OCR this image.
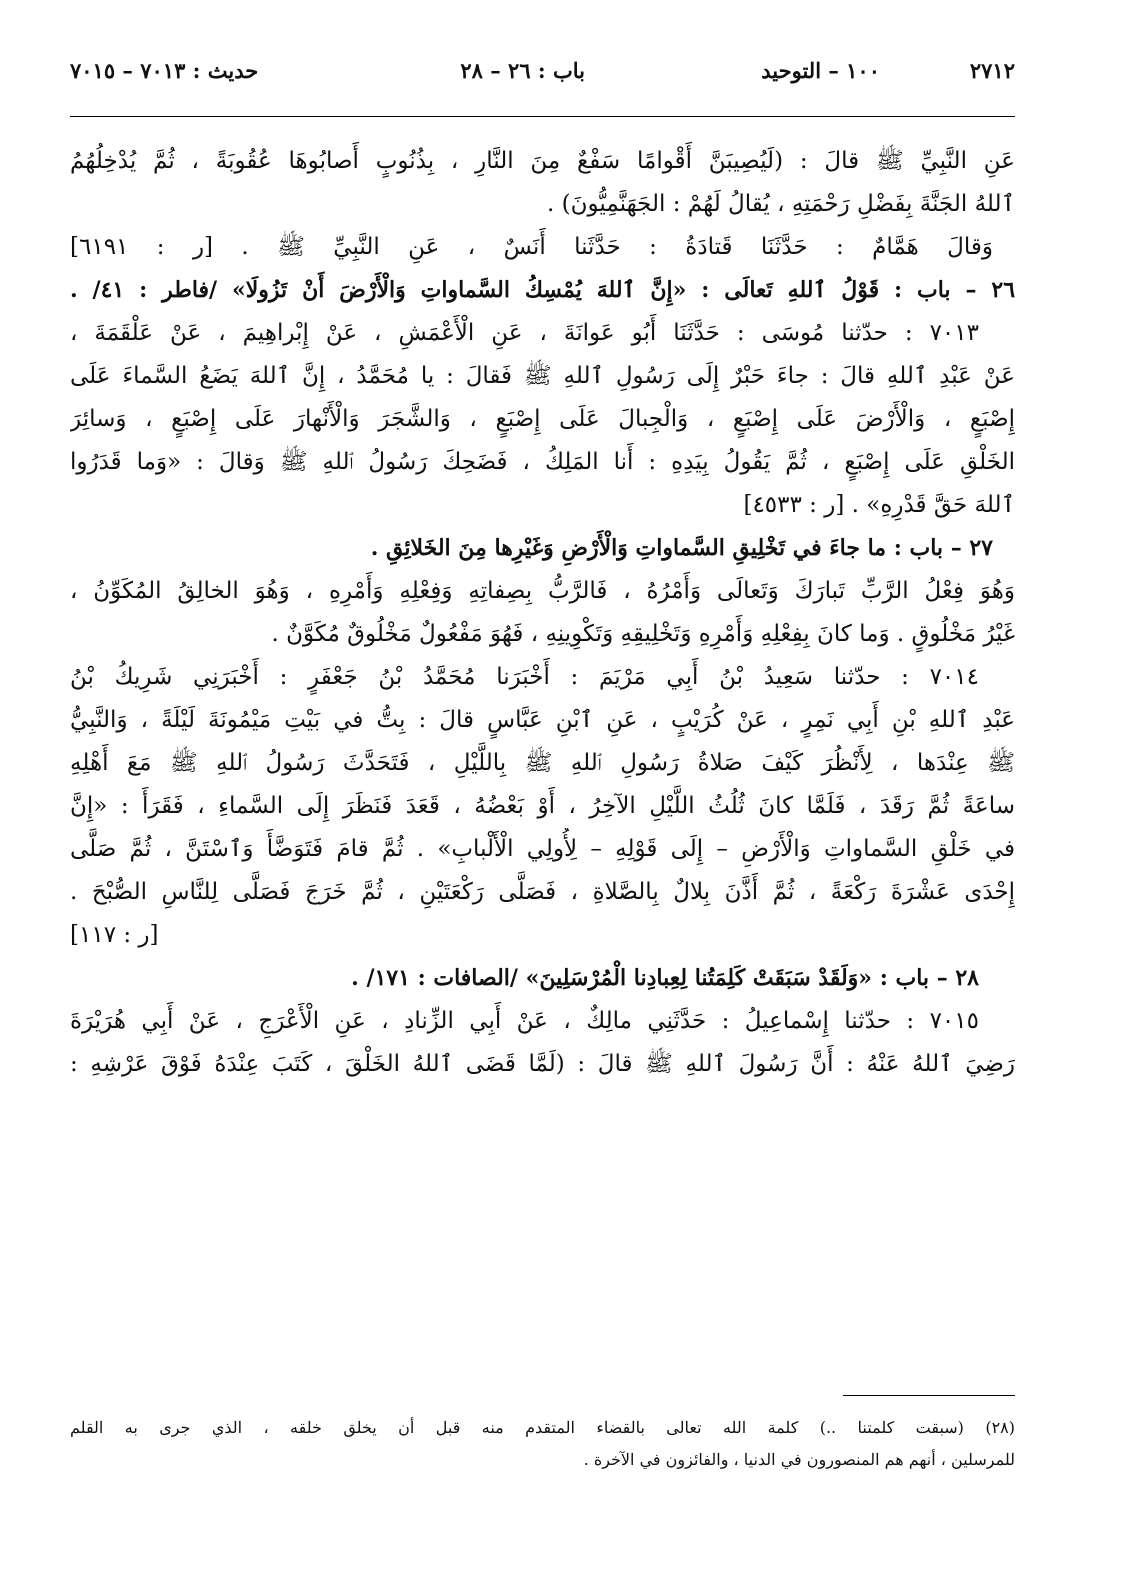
٢٧١٢
١٠٠ – التوحيد
باب : ٢٦ – ٢٨
حديث : ٧٠١٣ – ٧٠١٥
عَنِ النَّبِيِّ ﷺ قالَ : (لَيُصِيبَنَّ أَقْوامًا سَفْعٌ مِنَ النَّارِ ، بِذُنُوبٍ أَصابُوهَا عُقُوبَةً ، ثُمَّ يُدْخِلُهُمُ
ٱللهُ الجَنَّةَ بِفَضْلِ رَحْمَتِهِ ، يُقالُ لَهُمْ : الجَهَنَّمِيُّونَ) .
وَقالَ هَمَّامٌ : حَدَّثَنَا قَتادَةُ : حَدَّثَنا أَنَسٌ ، عَنِ النَّبِيِّ ﷺ . [ر : ٦١٩١]
٢٦ – باب : قَوْلُ ٱللهِ تَعالَى : «إِنَّ ٱللهَ يُمْسِكُ السَّماواتِ وَالْأَرْضَ أَنْ تَزُولَا» /فاطر : ٤١/ .
٧٠١٣ : حدّثنا مُوسَى : حَدَّثَنَا أَبُو عَوانَةَ ، عَنِ الْأَعْمَشِ ، عَنْ إِبْراهِيمَ ، عَنْ عَلْقَمَةَ ،
عَنْ عَبْدِ ٱللهِ قالَ : جاءَ حَبْرٌ إِلَى رَسُولِ ٱللهِ ﷺ فَقالَ : يا مُحَمَّدُ ، إِنَّ ٱللهَ يَضَعُ السَّماءَ عَلَى
إِصْبَعٍ ، وَالْأَرْضَ عَلَى إِصْبَعٍ ، وَالْجِبالَ عَلَى إِصْبَعٍ ، وَالشَّجَرَ وَالْأَنْهارَ عَلَى إِصْبَعٍ ، وَسائِرَ
الخَلْقِ عَلَى إِصْبَعٍ ، ثُمَّ يَقُولُ بِيَدِهِ : أَنا المَلِكُ ، فَضَحِكَ رَسُولُ ٱللهِ ﷺ وَقالَ : «وَما قَدَرُوا
ٱللهَ حَقَّ قَدْرِهِ» . [ر : ٤٥٣٣]
٢٧ – باب : ما جاءَ في تَخْلِيقِ السَّماواتِ وَالْأَرْضِ وَغَيْرِها مِنَ الخَلائِقِ .
وَهُوَ فِعْلُ الرَّبِّ تَبارَكَ وَتَعالَى وَأَمْرُهُ ، فَالرَّبُّ بِصِفاتِهِ وَفِعْلِهِ وَأَمْرِهِ ، وَهُوَ الخالِقُ المُكَوِّنُ ،
غَيْرُ مَخْلُوقٍ . وَما كانَ بِفِعْلِهِ وَأَمْرِهِ وَتَخْلِيقِهِ وَتَكْوِينِهِ ، فَهُوَ مَفْعُولٌ مَخْلُوقٌ مُكَوَّنٌ .
٧٠١٤ : حدّثنا سَعِيدُ بْنُ أَبِي مَرْيَمَ : أَخْبَرَنا مُحَمَّدُ بْنُ جَعْفَرٍ : أَخْبَرَنِي شَرِيكُ بْنُ
عَبْدِ ٱللهِ بْنِ أَبِي نَمِرٍ ، عَنْ كُرَيْبٍ ، عَنِ ٱبْنِ عَبَّاسٍ قالَ : بِتُّ في بَيْتِ مَيْمُونَةَ لَيْلَةً ، وَالنَّبِيُّ
ﷺ عِنْدَها ، لِأَنْظُرَ كَيْفَ صَلاةُ رَسُولِ ٱللهِ ﷺ بِاللَّيْلِ ، فَتَحَدَّثَ رَسُولُ ٱللهِ ﷺ مَعَ أَهْلِهِ
ساعَةً ثُمَّ رَقَدَ ، فَلَمَّا كانَ ثُلُثُ اللَّيْلِ الآخِرُ ، أَوْ بَعْضُهُ ، قَعَدَ فَنَظَرَ إِلَى السَّماءِ ، فَقَرَأَ : «إِنَّ
في خَلْقِ السَّماواتِ وَالْأَرْضِ – إِلَى قَوْلِهِ – لِأُولِي الْأَلْبابِ» . ثُمَّ قامَ فَتَوَضَّأَ وَٱسْتَنَّ ، ثُمَّ صَلَّى
إِحْدَى عَشْرَةَ رَكْعَةً ، ثُمَّ أَذَّنَ بِلالٌ بِالصَّلاةِ ، فَصَلَّى رَكْعَتَيْنِ ، ثُمَّ خَرَجَ فَصَلَّى لِلنَّاسِ الصُّبْحَ .
[ر : ١١٧]
٢٨ – باب : «وَلَقَدْ سَبَقَتْ كَلِمَتُنا لِعِبادِنا الْمُرْسَلِينَ» /الصافات : ١٧١/ .
٧٠١٥ : حدّثنا إِسْماعِيلُ : حَدَّثَنِي مالِكٌ ، عَنْ أَبِي الزِّنادِ ، عَنِ الْأَعْرَجِ ، عَنْ أَبِي هُرَيْرَةَ
رَضِيَ ٱللهُ عَنْهُ : أَنَّ رَسُولَ ٱللهِ ﷺ قالَ : (لَمَّا قَضَى ٱللهُ الخَلْقَ ، كَتَبَ عِنْدَهُ فَوْقَ عَرْشِهِ :
(٢٨) (سبقت كلمتنا ..) كلمة الله تعالى بالقضاء المتقدم منه قبل أن يخلق خلقه ، الذي جرى به القلم
للمرسلين ، أنهم هم المنصورون في الدنيا ، والفائزون في الآخرة .
